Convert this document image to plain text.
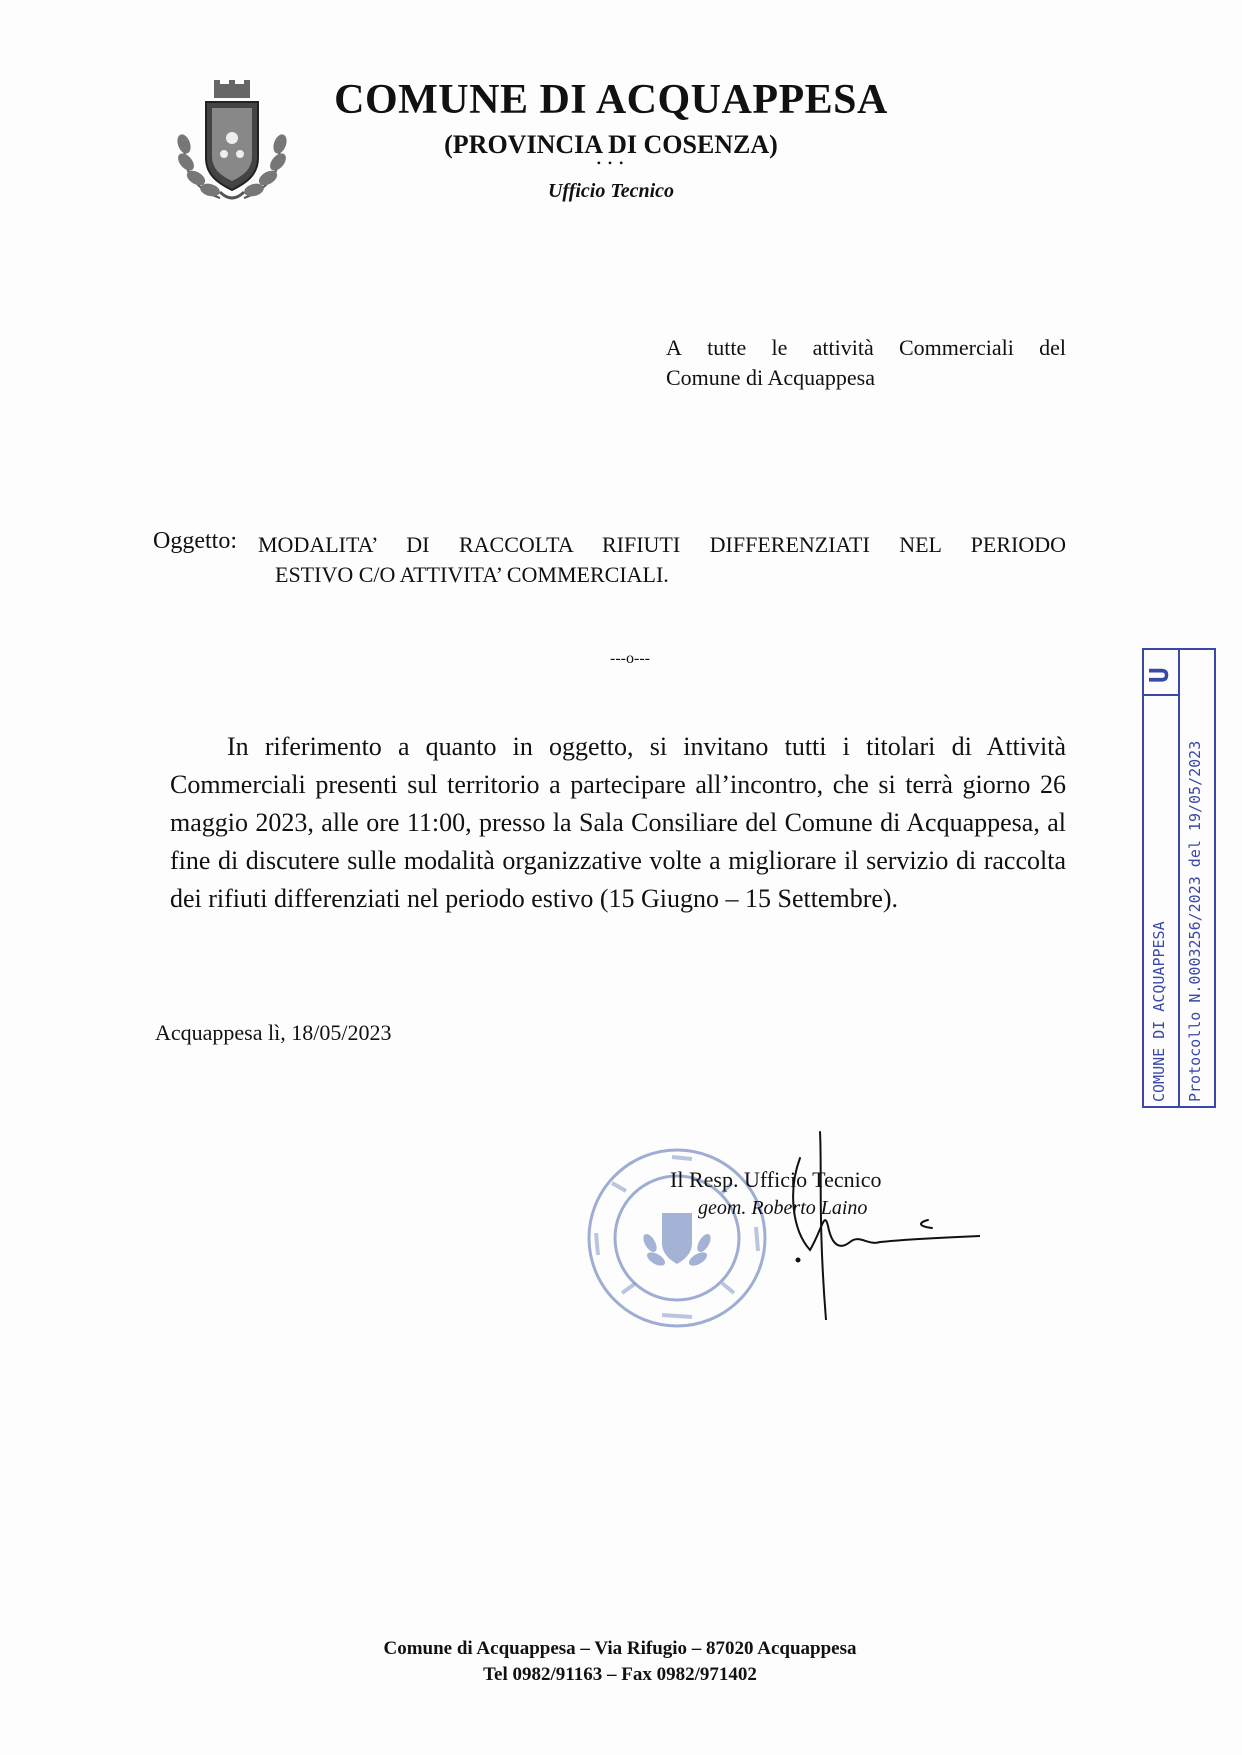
COMUNE DI ACQUAPPESA
(PROVINCIA DI COSENZA)
• • •
Ufficio Tecnico
A tutte le attività Commerciali del
Comune di Acquappesa
Oggetto: MODALITA’ DI RACCOLTA RIFIUTI DIFFERENZIATI NEL PERIODO
ESTIVO C/O ATTIVITA’ COMMERCIALI.
---o---
In riferimento a quanto in oggetto, si invitano tutti i titolari di Attività Commerciali presenti sul territorio a partecipare all’incontro, che si terrà giorno 26 maggio 2023, alle ore 11:00, presso la Sala Consiliare del Comune di Acquappesa, al fine di discutere sulle modalità organizzative volte a migliorare il servizio di raccolta dei rifiuti differenziati nel periodo estivo (15 Giugno – 15 Settembre).
Acquappesa lì, 18/05/2023
Il Resp. Ufficio Tecnico
geom. Roberto Laino
U
COMUNE DI ACQUAPPESA Protocollo N.0003256/2023 del 19/05/2023
Comune di Acquappesa – Via Rifugio – 87020 Acquappesa
Tel 0982/91163 – Fax 0982/971402
